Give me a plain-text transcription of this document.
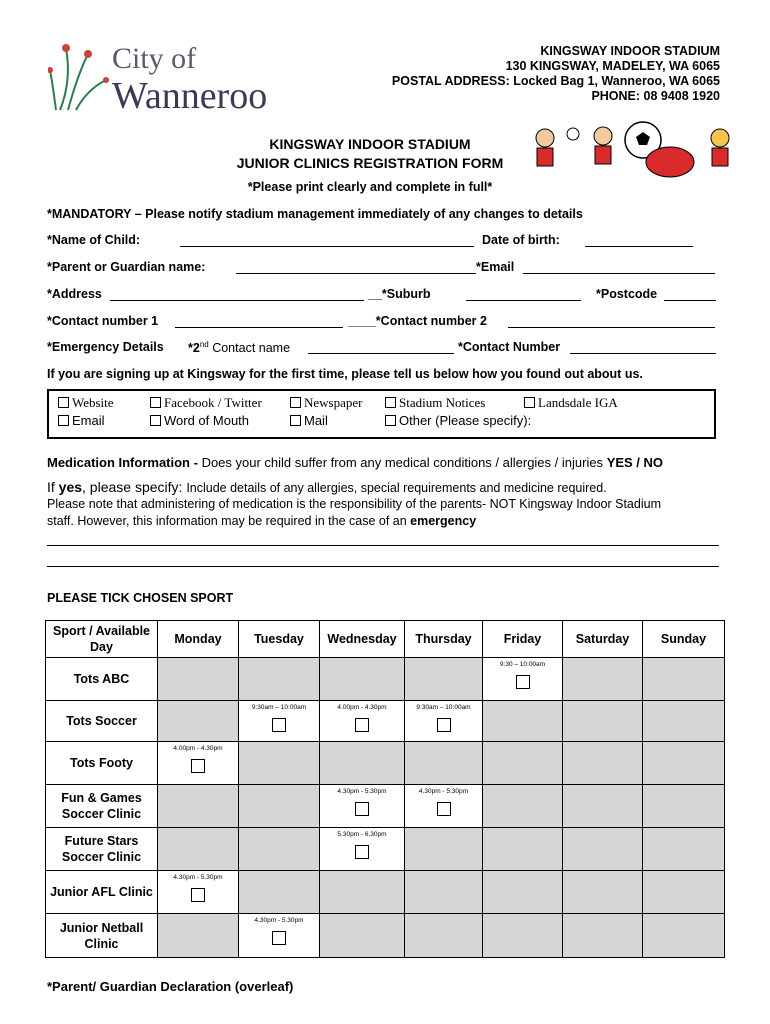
City of
Wanneroo
KINGSWAY INDOOR STADIUM
130 KINGSWAY, MADELEY, WA 6065
POSTAL ADDRESS: Locked Bag 1, Wanneroo, WA 6065
PHONE: 08 9408 1920
KINGSWAY INDOOR STADIUM
JUNIOR CLINICS REGISTRATION FORM
*Please print clearly and complete in full*
*MANDATORY – Please notify stadium management immediately of any changes to details
*Name of Child:	Date of birth:
*Parent or Guardian name:	*Email
*Address	__*Suburb	*Postcode
*Contact number 1	____*Contact number 2
*Emergency Details *2nd Contact name	*Contact Number
If you are signing up at Kingsway for the first time, please tell us below how you found out about us.
Website	Facebook / Twitter	Newspaper	Stadium Notices	Landsdale IGA
Email	Word of Mouth	Mail	Other (Please specify):
Medication Information - Does your child suffer from any medical conditions / allergies / injuries YES / NO
If yes, please specify: Include details of any allergies, special requirements and medicine required.
Please note that administering of medication is the responsibility of the parents- NOT Kingsway Indoor Stadium
staff. However, this information may be required in the case of an emergency
PLEASE TICK CHOSEN SPORT
Sport / Available Day	Monday	Tuesday	Wednesday	Thursday	Friday	Saturday	Sunday
Tots ABC					9:30 – 10:00am		

Tots Soccer		9:30am – 10:00am	4.00pm - 4.30pm	9:30am – 10:00am			

Tots Footy	4.00pm - 4.30pm						

Fun & Games Soccer Clinic			4.30pm - 5.30pm	4.30pm - 5.30pm			

Future Stars Soccer Clinic			5.30pm - 6.30pm				

Junior AFL Clinic	4.30pm - 5.30pm						

Junior Netball Clinic		4.30pm - 5.30pm					

*Parent/ Guardian Declaration (overleaf)
